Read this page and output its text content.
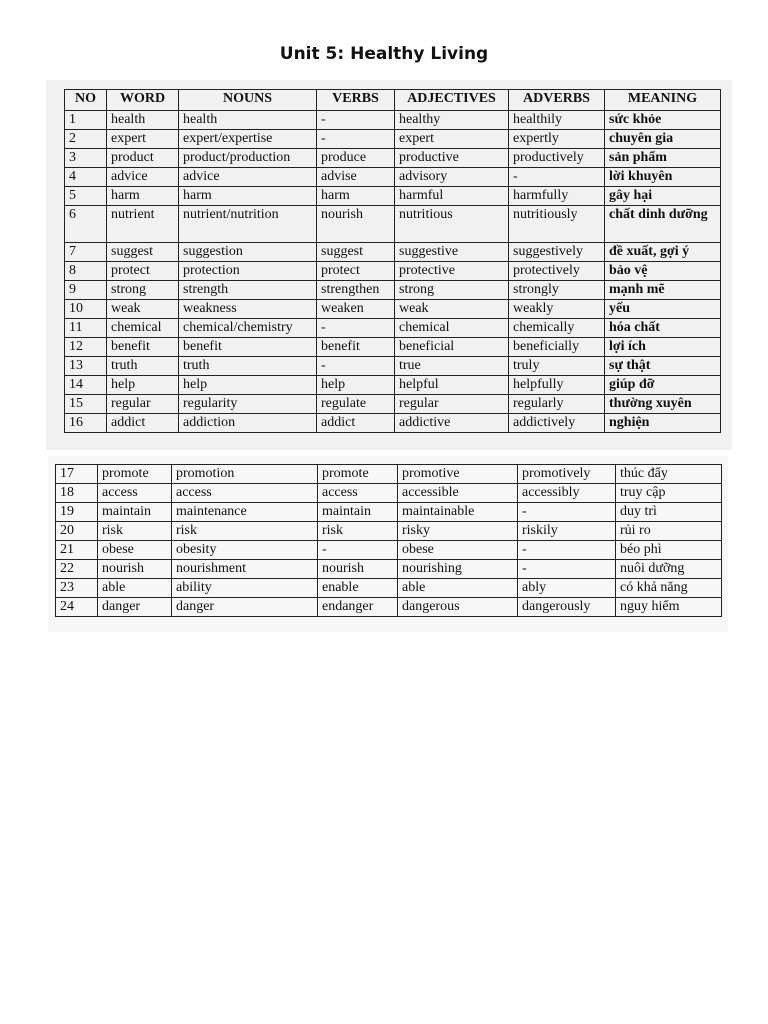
Unit 5: Healthy Living
NO	WORD	NOUNS	VERBS	ADJECTIVES	ADVERBS	MEANING
1	health	health	-	healthy	healthily	sức khỏe
2	expert	expert/expertise	-	expert	expertly	chuyên gia
3	product	product/production	produce	productive	productively	sản phẩm
4	advice	advice	advise	advisory	-	lời khuyên
5	harm	harm	harm	harmful	harmfully	gây hại
6	nutrient	nutrient/nutrition	nourish	nutritious	nutritiously	chất dinh dưỡng
7	suggest	suggestion	suggest	suggestive	suggestively	đề xuất, gợi ý
8	protect	protection	protect	protective	protectively	bảo vệ
9	strong	strength	strengthen	strong	strongly	mạnh mẽ
10	weak	weakness	weaken	weak	weakly	yếu
11	chemical	chemical/chemistry	-	chemical	chemically	hóa chất
12	benefit	benefit	benefit	beneficial	beneficially	lợi ích
13	truth	truth	-	true	truly	sự thật
14	help	help	help	helpful	helpfully	giúp đỡ
15	regular	regularity	regulate	regular	regularly	thường xuyên
16	addict	addiction	addict	addictive	addictively	nghiện
17	promote	promotion	promote	promotive	promotively	thúc đẩy
18	access	access	access	accessible	accessibly	truy cập
19	maintain	maintenance	maintain	maintainable	-	duy trì
20	risk	risk	risk	risky	riskily	rủi ro
21	obese	obesity	-	obese	-	béo phì
22	nourish	nourishment	nourish	nourishing	-	nuôi dưỡng
23	able	ability	enable	able	ably	có khả năng
24	danger	danger	endanger	dangerous	dangerously	nguy hiểm
